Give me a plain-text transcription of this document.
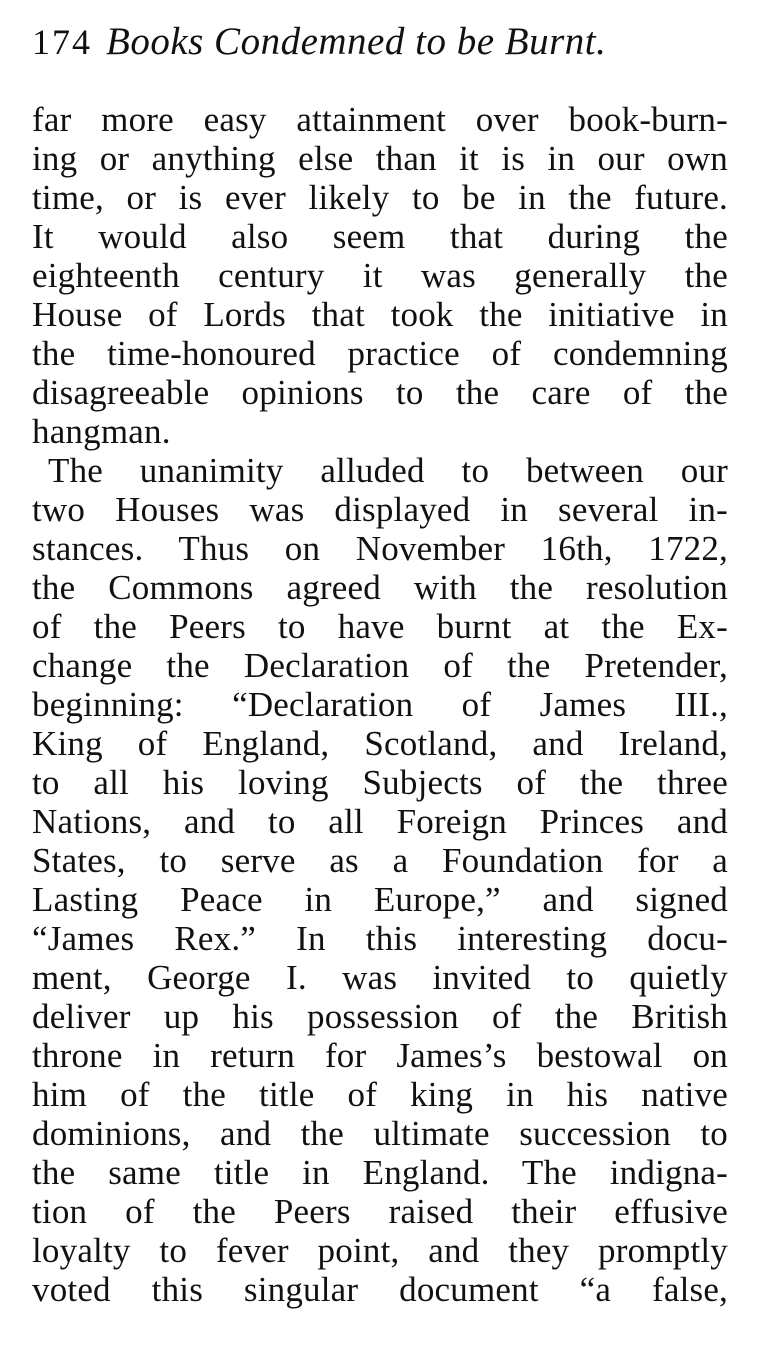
174 Books Condemned to be Burnt.
far more easy attainment over book-burn-
ing or anything else than it is in our own
time, or is ever likely to be in the future.
It would also seem that during the
eighteenth century it was generally the
House of Lords that took the initiative in
the time-honoured practice of condemning
disagreeable opinions to the care of the
hangman.
The unanimity alluded to between our
two Houses was displayed in several in-
stances. Thus on November 16th, 1722,
the Commons agreed with the resolution
of the Peers to have burnt at the Ex-
change the Declaration of the Pretender,
beginning: “Declaration of James III.,
King of England, Scotland, and Ireland,
to all his loving Subjects of the three
Nations, and to all Foreign Princes and
States, to serve as a Foundation for a
Lasting Peace in Europe,” and signed
“James Rex.” In this interesting docu-
ment, George I. was invited to quietly
deliver up his possession of the British
throne in return for James’s bestowal on
him of the title of king in his native
dominions, and the ultimate succession to
the same title in England. The indigna-
tion of the Peers raised their effusive
loyalty to fever point, and they promptly
voted this singular document “a false,
